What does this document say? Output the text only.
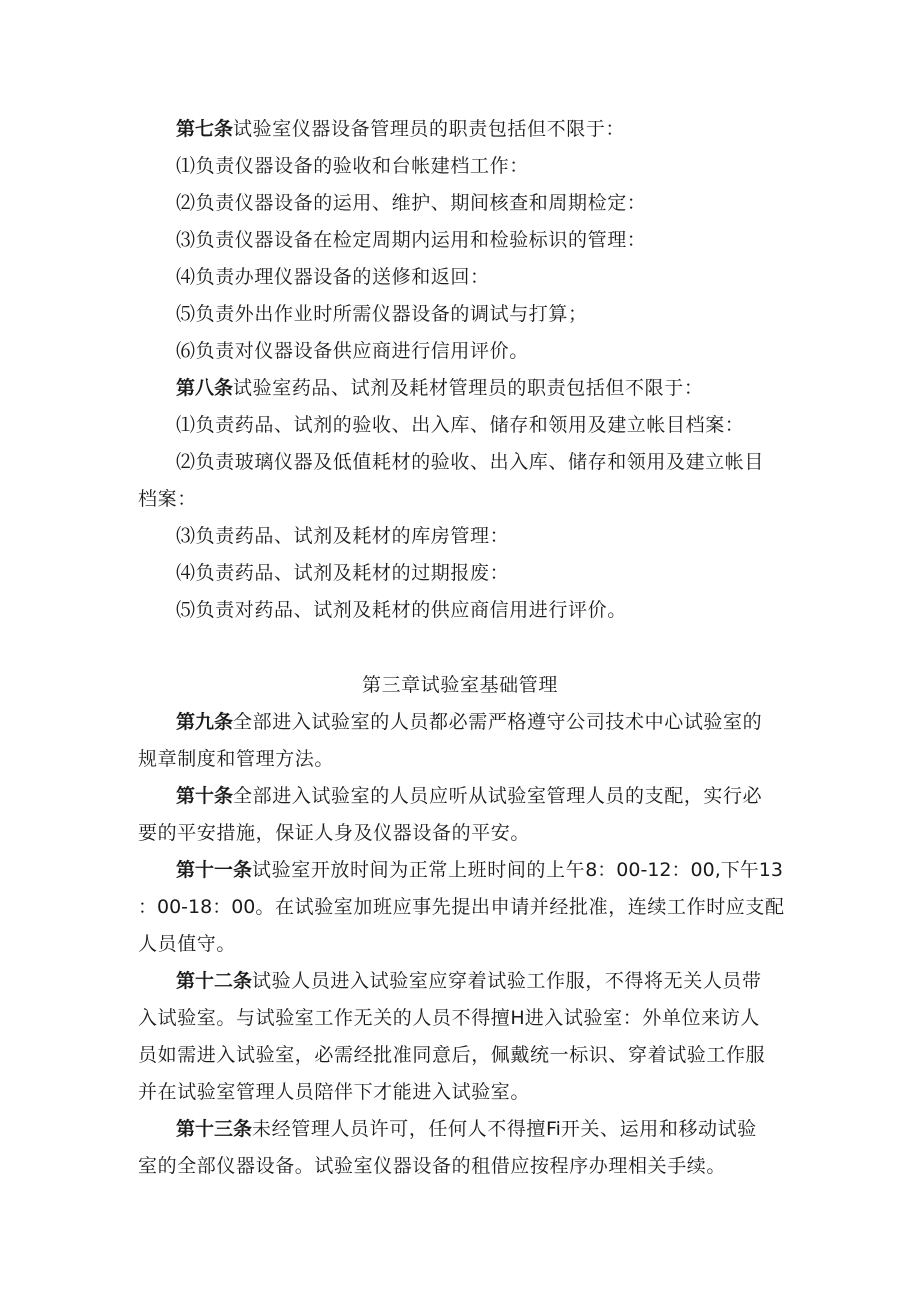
第七条试验室仪器设备管理员的职责包括但不限于：
⑴负责仪器设备的验收和台帐建档工作：
⑵负责仪器设备的运用、维护、期间核查和周期检定：
⑶负责仪器设备在检定周期内运用和检验标识的管理：
⑷负责办理仪器设备的送修和返回：
⑸负责外出作业时所需仪器设备的调试与打算；
⑹负责对仪器设备供应商进行信用评价。
第八条试验室药品、试剂及耗材管理员的职责包括但不限于：
⑴负责药品、试剂的验收、出入库、储存和领用及建立帐目档案：
⑵负责玻璃仪器及低值耗材的验收、出入库、储存和领用及建立帐目
档案：
⑶负责药品、试剂及耗材的库房管理：
⑷负责药品、试剂及耗材的过期报废：
⑸负责对药品、试剂及耗材的供应商信用进行评价。
第三章试验室基础管理
第九条全部进入试验室的人员都必需严格遵守公司技术中心试验室的
规章制度和管理方法。
第十条全部进入试验室的人员应听从试验室管理人员的支配，实行必
要的平安措施，保证人身及仪器设备的平安。
第十一条试验室开放时间为正常上班时间的上午8：00-12：00,下午13
：00-18：00。在试验室加班应事先提出申请并经批准，连续工作时应支配
人员值守。
第十二条试验人员进入试验室应穿着试验工作服，不得将无关人员带
入试验室。与试验室工作无关的人员不得擅H进入试验室：外单位来访人
员如需进入试验室，必需经批准同意后，佩戴统一标识、穿着试验工作服
并在试验室管理人员陪伴下才能进入试验室。
第十三条未经管理人员许可，任何人不得擅Fi开关、运用和移动试验
室的全部仪器设备。试验室仪器设备的租借应按程序办理相关手续。
